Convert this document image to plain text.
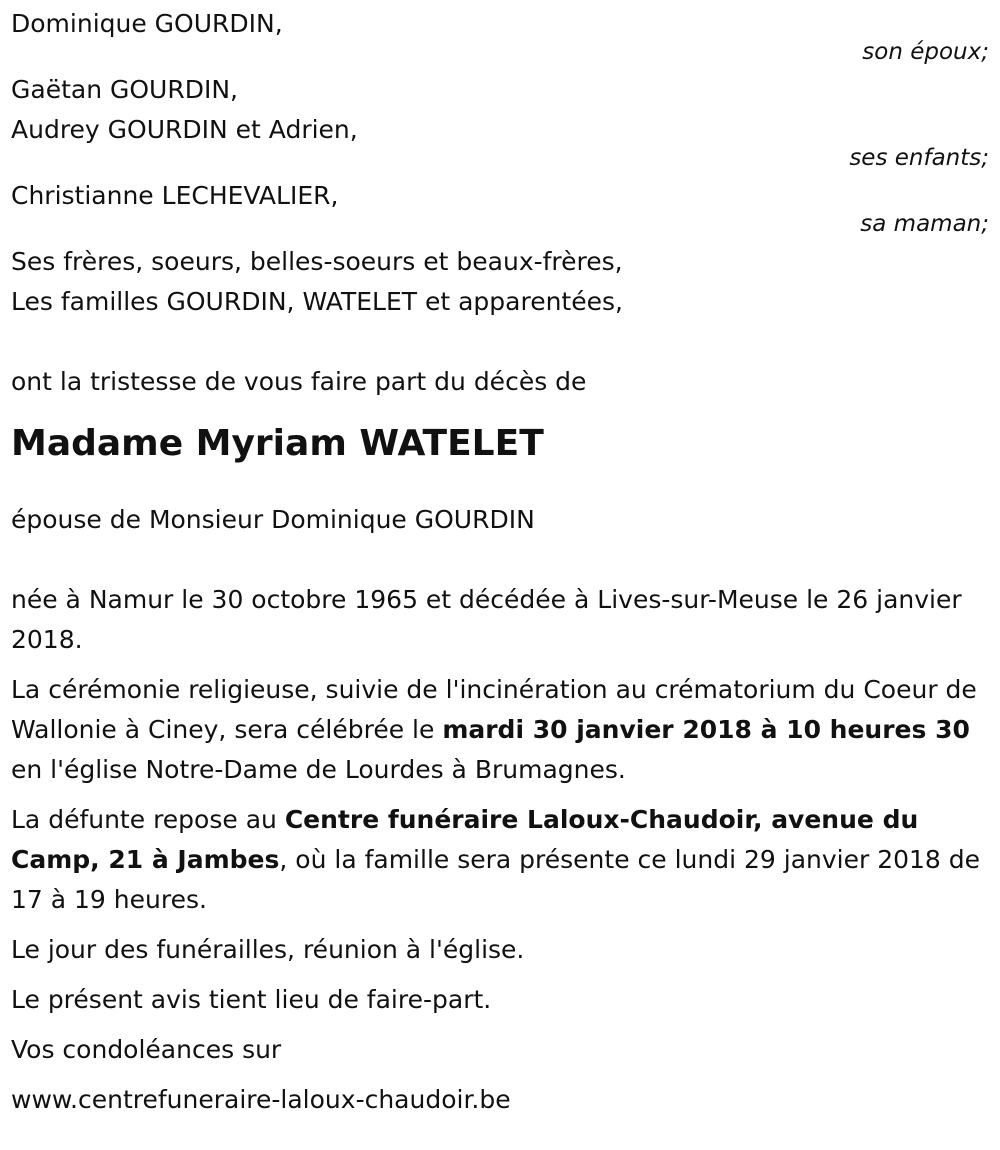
Dominique GOURDIN,
son époux;
Gaëtan GOURDIN,
Audrey GOURDIN et Adrien,
ses enfants;
Christianne LECHEVALIER,
sa maman;
Ses frères, soeurs, belles-soeurs et beaux-frères,
Les familles GOURDIN, WATELET et apparentées,
ont la tristesse de vous faire part du décès de
Madame Myriam WATELET
épouse de Monsieur Dominique GOURDIN
née à Namur le 30 octobre 1965 et décédée à Lives-sur-Meuse le 26 janvier 2018.
La cérémonie religieuse, suivie de l'incinération au crématorium du Coeur de Wallonie à Ciney, sera célébrée le mardi 30 janvier 2018 à 10 heures 30 en l'église Notre-Dame de Lourdes à Brumagnes.
La défunte repose au Centre funéraire Laloux-Chaudoir, avenue du Camp, 21 à Jambes, où la famille sera présente ce lundi 29 janvier 2018 de 17 à 19 heures.
Le jour des funérailles, réunion à l'église.
Le présent avis tient lieu de faire-part.
Vos condoléances sur
www.centrefuneraire-laloux-chaudoir.be
